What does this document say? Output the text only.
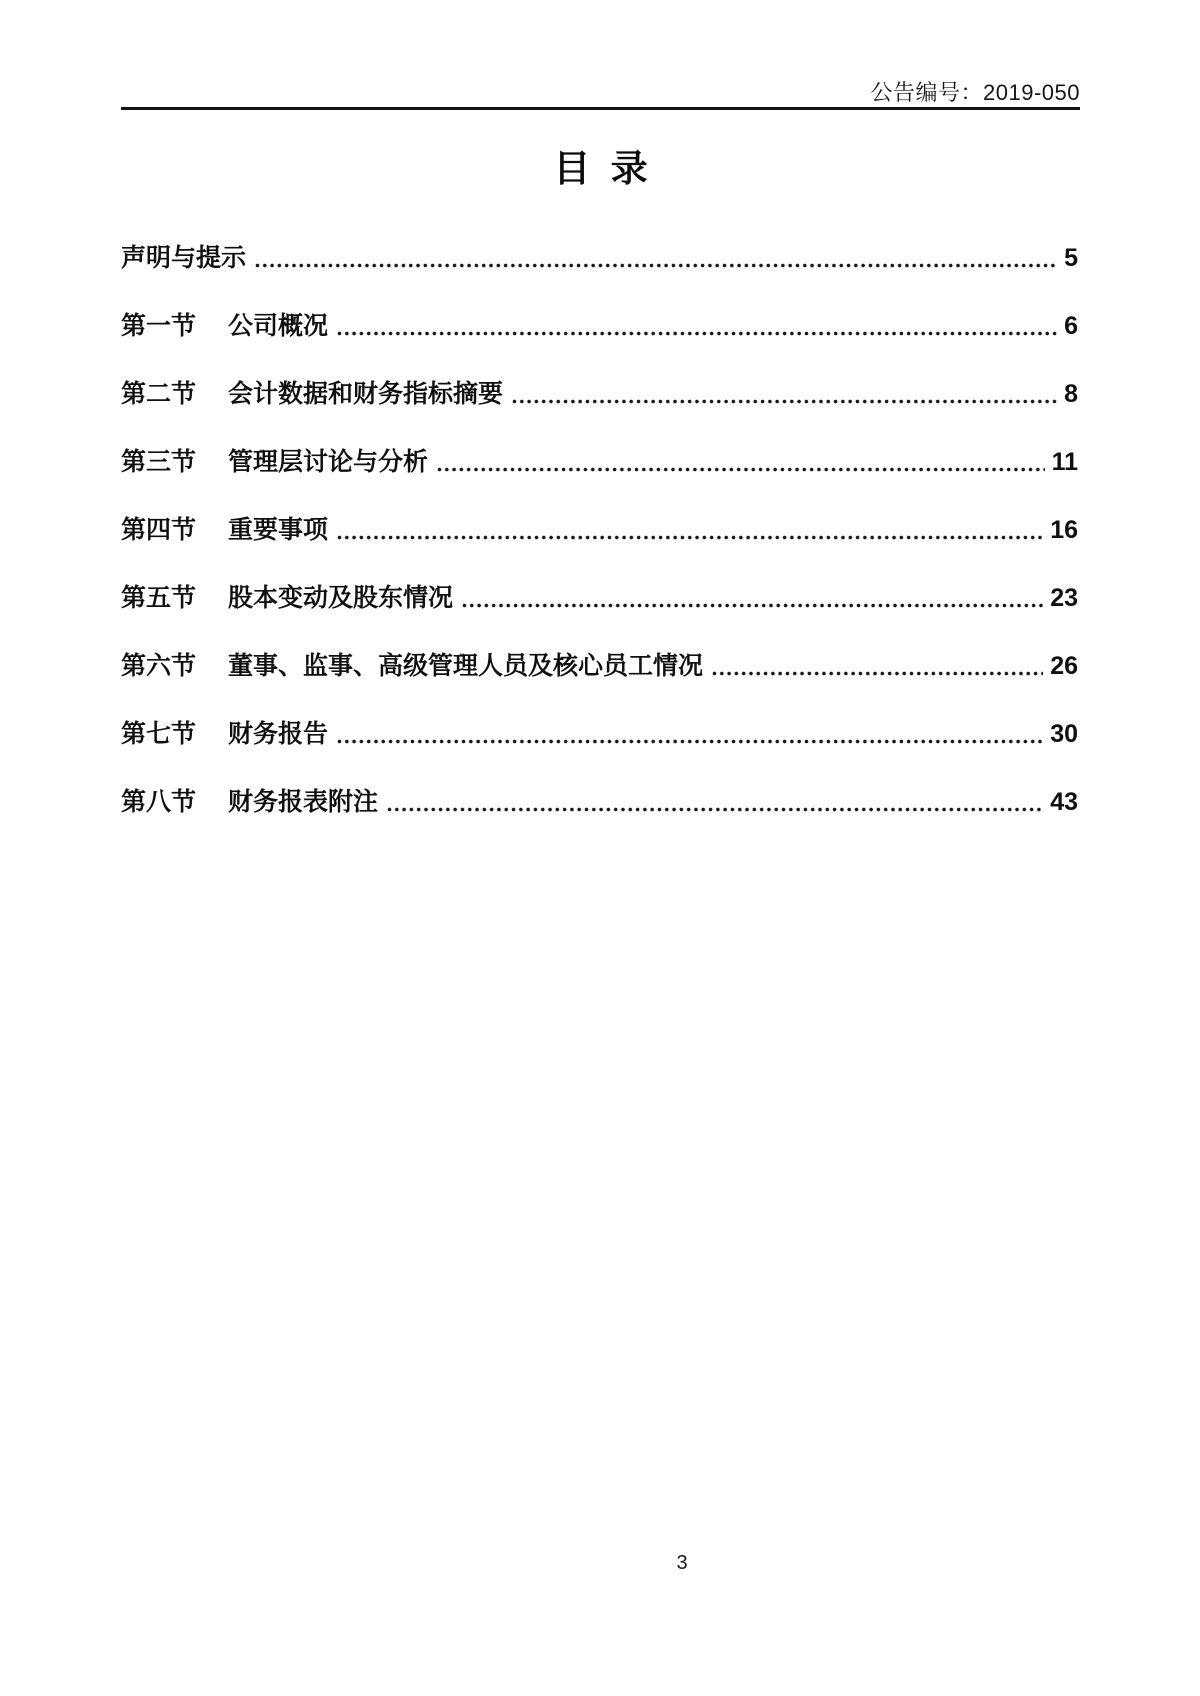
公告编号：2019-050
目 录
声明与提示	5
第一节	公司概况	6
第二节	会计数据和财务指标摘要	8
第三节	管理层讨论与分析	11
第四节	重要事项	16
第五节	股本变动及股东情况	23
第六节	董事、监事、高级管理人员及核心员工情况	26
第七节	财务报告	30
第八节	财务报表附注	43
3
